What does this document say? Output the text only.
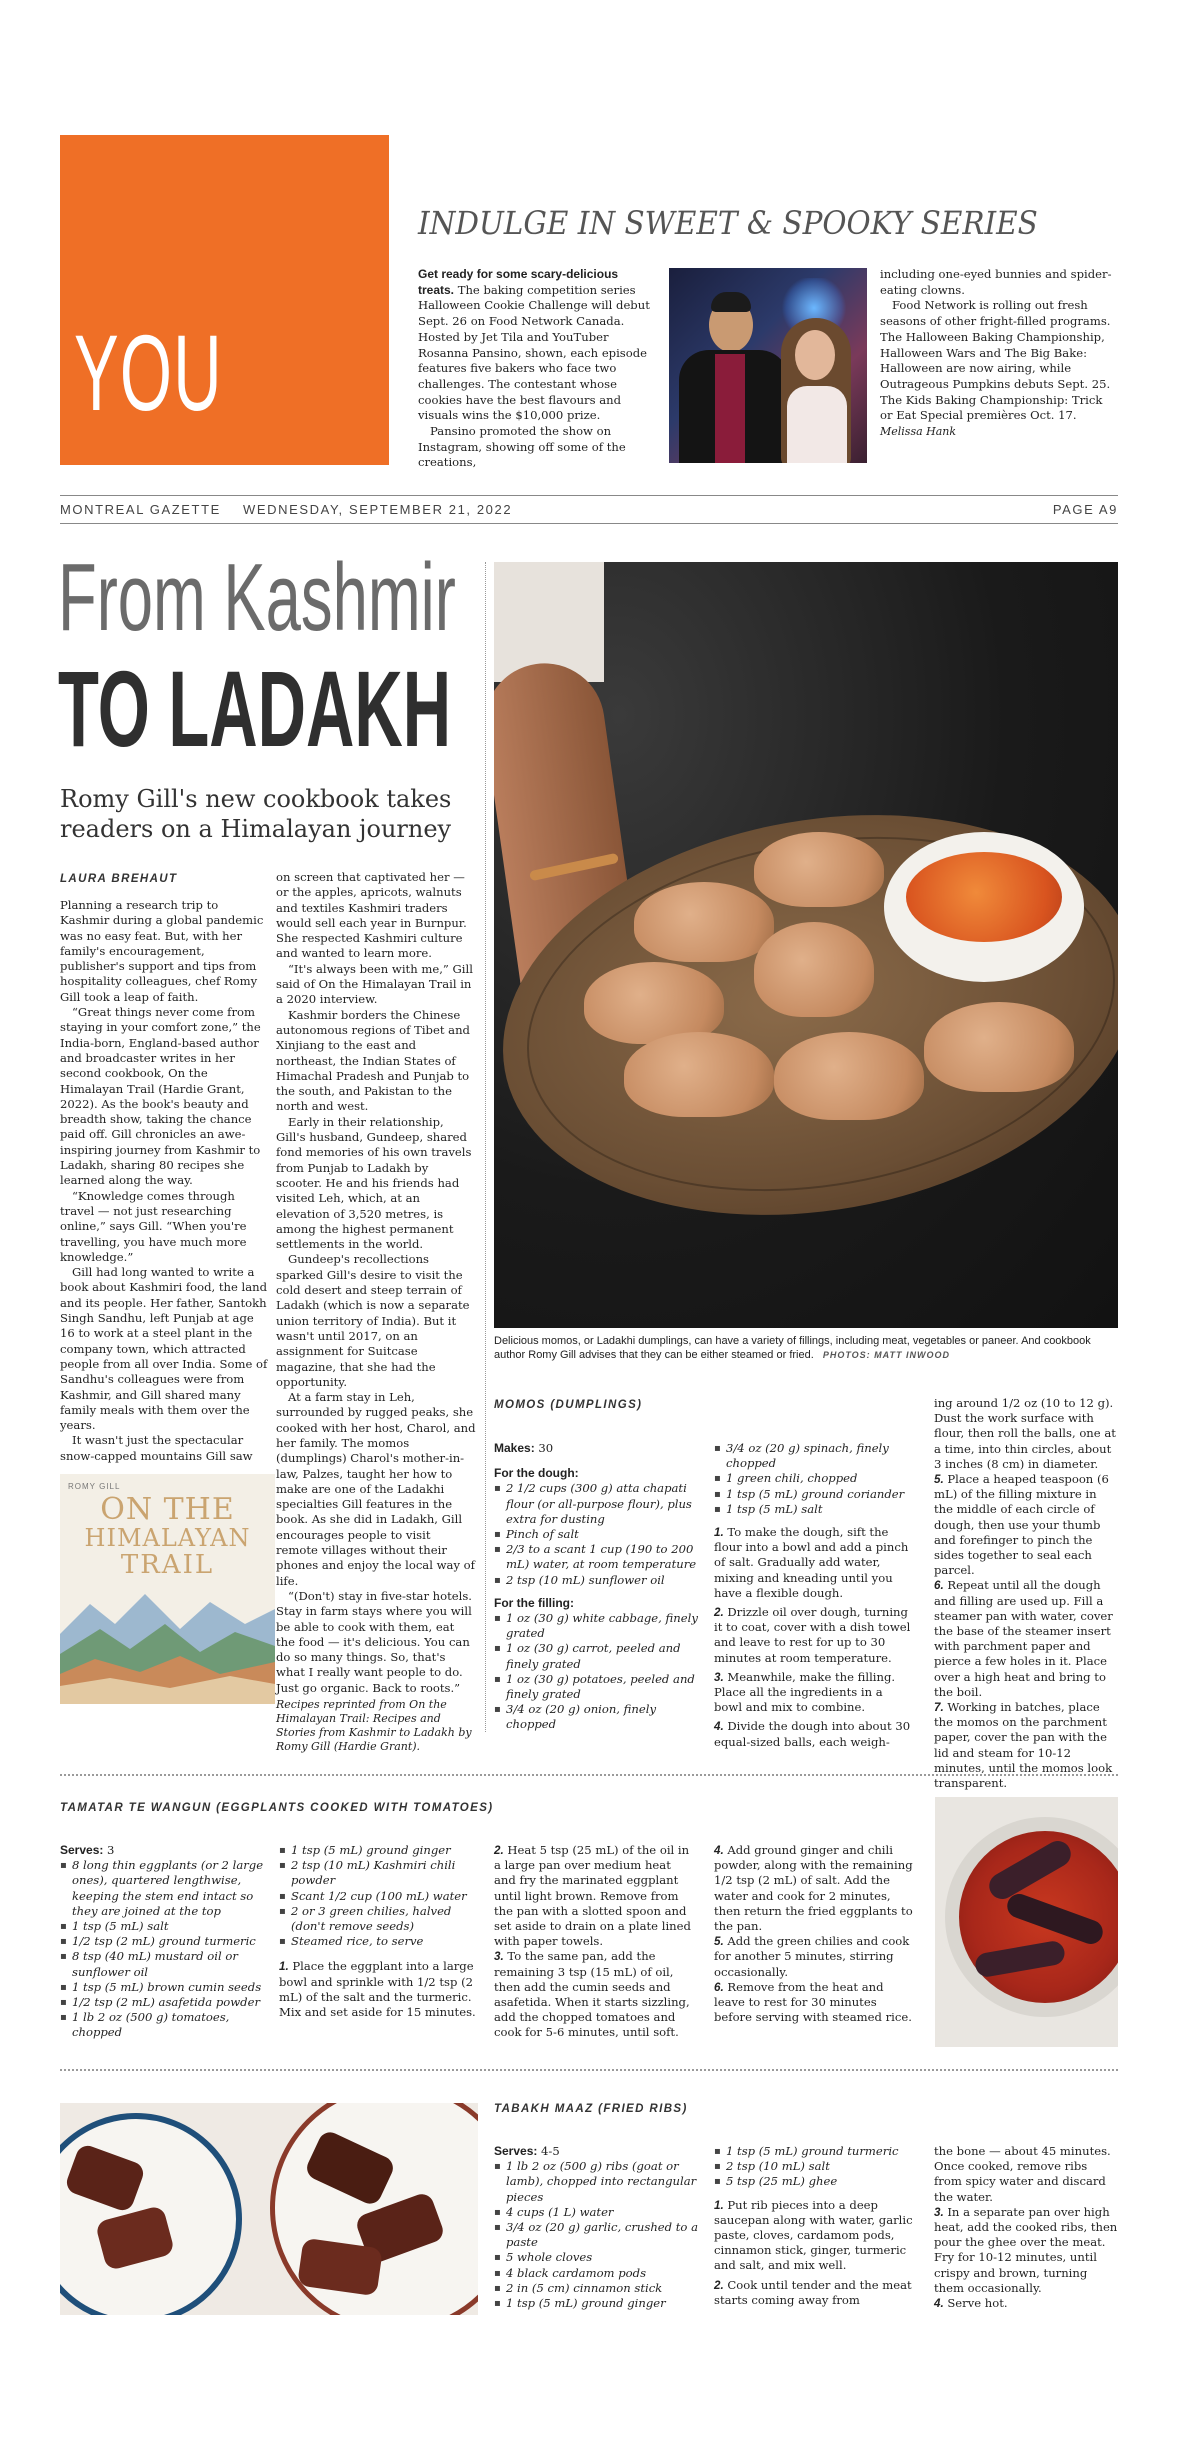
YOU
INDULGE IN SWEET & SPOOKY SERIES

Get ready for some scary-delicious treats. The baking competition series Halloween Cookie Challenge will debut Sept. 26 on Food Network Canada. Hosted by Jet Tila and YouTuber Rosanna Pansino, shown, each episode features five bakers who face two challenges. The contestant whose cookies have the best flavours and visuals wins the $10,000 prize.

Pansino promoted the show on Instagram, showing off some of the creations,

including one-eyed bunnies and spider-eating clowns.

Food Network is rolling out fresh seasons of other fright-filled programs. The Halloween Baking Championship, Halloween Wars and The Big Bake: Halloween are now airing, while Outrageous Pumpkins debuts Sept. 25. The Kids Baking Championship: Trick or Eat Special premières Oct. 17.

Melissa Hank

MONTREAL GAZETTE WEDNESDAY, SEPTEMBER 21, 2022	PAGE A9
From Kashmir
TO LADAKH
Romy Gill's new cookbook takes readers on a Himalayan journey
LAURA BREHAUT

Planning a research trip to Kashmir during a global pandemic was no easy feat. But, with her family's encouragement, publisher's support and tips from hospitality colleagues, chef Romy Gill took a leap of faith.

“Great things never come from staying in your comfort zone,” the India-born, England-based author and broadcaster writes in her second cookbook, On the Himalayan Trail (Hardie Grant, 2022). As the book's beauty and breadth show, taking the chance paid off. Gill chronicles an awe-inspiring journey from Kashmir to Ladakh, sharing 80 recipes she learned along the way.

“Knowledge comes through travel — not just researching online,” says Gill. “When you're travelling, you have much more knowledge.”

Gill had long wanted to write a book about Kashmiri food, the land and its people. Her father, Santokh Singh Sandhu, left Punjab at age 16 to work at a steel plant in the company town, which attracted people from all over India. Some of Sandhu's colleagues were from Kashmir, and Gill shared many family meals with them over the years.

It wasn't just the spectacular snow-capped mountains Gill saw

on screen that captivated her — or the apples, apricots, walnuts and textiles Kashmiri traders would sell each year in Burnpur. She respected Kashmiri culture and wanted to learn more.

“It's always been with me,” Gill said of On the Himalayan Trail in a 2020 interview.

Kashmir borders the Chinese autonomous regions of Tibet and Xinjiang to the east and northeast, the Indian States of Himachal Pradesh and Punjab to the south, and Pakistan to the north and west.

Early in their relationship, Gill's husband, Gundeep, shared fond memories of his own travels from Punjab to Ladakh by scooter. He and his friends had visited Leh, which, at an elevation of 3,520 metres, is among the highest permanent settlements in the world.

Gundeep's recollections sparked Gill's desire to visit the cold desert and steep terrain of Ladakh (which is now a separate union territory of India). But it wasn't until 2017, on an assignment for Suitcase magazine, that she had the opportunity.

At a farm stay in Leh, surrounded by rugged peaks, she cooked with her host, Charol, and her family. The momos (dumplings) Charol's mother-in-law, Palzes, taught her how to make are one of the Ladakhi specialties Gill features in the book. As she did in Ladakh, Gill encourages people to visit remote villages without their phones and enjoy the local way of life.

“(Don't) stay in five-star hotels. Stay in farm stays where you will be able to cook with them, eat the food — it's delicious. You can do so many things. So, that's what I really want people to do. Just go organic. Back to roots.”

Recipes reprinted from On the Himalayan Trail: Recipes and Stories from Kashmir to Ladakh by Romy Gill (Hardie Grant).

ROMY GILL
ON THE
HIMALAYAN
TRAIL
Delicious momos, or Ladakhi dumplings, can have a variety of fillings, including meat, vegetables or paneer. And cookbook author Romy Gill advises that they can be either steamed or fried. PHOTOS: MATT INWOOD
MOMOS (DUMPLINGS)

Makes: 30

For the dough:
▪ 2 1/2 cups (300 g) atta chapati flour (or all-purpose flour), plus extra for dusting
▪ Pinch of salt
▪ 2/3 to a scant 1 cup (190 to 200 mL) water, at room temperature
▪ 2 tsp (10 mL) sunflower oil
For the filling:
▪ 1 oz (30 g) white cabbage, finely grated
▪ 1 oz (30 g) carrot, peeled and finely grated
▪ 1 oz (30 g) potatoes, peeled and finely grated
▪ 3/4 oz (20 g) onion, finely chopped
▪ 3/4 oz (20 g) spinach, finely chopped
▪ 1 green chili, chopped
▪ 1 tsp (5 mL) ground coriander
▪ 1 tsp (5 mL) salt

1. To make the dough, sift the flour into a bowl and add a pinch of salt. Gradually add water, mixing and kneading until you have a flexible dough.

2. Drizzle oil over dough, turning it to coat, cover with a dish towel and leave to rest for up to 30 minutes at room temperature.

3. Meanwhile, make the filling. Place all the ingredients in a bowl and mix to combine.

4. Divide the dough into about 30 equal-sized balls, each weigh-

ing around 1/2 oz (10 to 12 g). Dust the work surface with flour, then roll the balls, one at a time, into thin circles, about 3 inches (8 cm) in diameter.

5. Place a heaped teaspoon (6 mL) of the filling mixture in the middle of each circle of dough, then use your thumb and forefinger to pinch the sides together to seal each parcel.

6. Repeat until all the dough and filling are used up. Fill a steamer pan with water, cover the base of the steamer insert with parchment paper and pierce a few holes in it. Place over a high heat and bring to the boil.

7. Working in batches, place the momos on the parchment paper, cover the pan with the lid and steam for 10-12 minutes, until the momos look transparent.

TAMATAR TE WANGUN (EGGPLANTS COOKED WITH TOMATOES)

Serves: 3

▪ 8 long thin eggplants (or 2 large ones), quartered lengthwise, keeping the stem end intact so they are joined at the top
▪ 1 tsp (5 mL) salt
▪ 1/2 tsp (2 mL) ground turmeric
▪ 8 tsp (40 mL) mustard oil or sunflower oil
▪ 1 tsp (5 mL) brown cumin seeds
▪ 1/2 tsp (2 mL) asafetida powder
▪ 1 lb 2 oz (500 g) tomatoes, chopped
▪ 1 tsp (5 mL) ground ginger
▪ 2 tsp (10 mL) Kashmiri chili powder
▪ Scant 1/2 cup (100 mL) water
▪ 2 or 3 green chilies, halved (don't remove seeds)
▪ Steamed rice, to serve

1. Place the eggplant into a large bowl and sprinkle with 1/2 tsp (2 mL) of the salt and the turmeric. Mix and set aside for 15 minutes.

2. Heat 5 tsp (25 mL) of the oil in a large pan over medium heat and fry the marinated eggplant until light brown. Remove from the pan with a slotted spoon and set aside to drain on a plate lined with paper towels.

3. To the same pan, add the remaining 3 tsp (15 mL) of oil, then add the cumin seeds and asafetida. When it starts sizzling, add the chopped tomatoes and cook for 5-6 minutes, until soft.

4. Add ground ginger and chili powder, along with the remaining 1/2 tsp (2 mL) of salt. Add the water and cook for 2 minutes, then return the fried eggplants to the pan.

5. Add the green chilies and cook for another 5 minutes, stirring occasionally.

6. Remove from the heat and leave to rest for 30 minutes before serving with steamed rice.

TABAKH MAAZ (FRIED RIBS)

Serves: 4-5

▪ 1 lb 2 oz (500 g) ribs (goat or lamb), chopped into rectangular pieces
▪ 4 cups (1 L) water
▪ 3/4 oz (20 g) garlic, crushed to a paste
▪ 5 whole cloves
▪ 4 black cardamom pods
▪ 2 in (5 cm) cinnamon stick
▪ 1 tsp (5 mL) ground ginger
▪ 1 tsp (5 mL) ground turmeric
▪ 2 tsp (10 mL) salt
▪ 5 tsp (25 mL) ghee

1. Put rib pieces into a deep saucepan along with water, garlic paste, cloves, cardamom pods, cinnamon stick, ginger, turmeric and salt, and mix well.

2. Cook until tender and the meat starts coming away from

the bone — about 45 minutes. Once cooked, remove ribs from spicy water and discard the water.

3. In a separate pan over high heat, add the cooked ribs, then pour the ghee over the meat. Fry for 10-12 minutes, until crispy and brown, turning them occasionally.

4. Serve hot.
